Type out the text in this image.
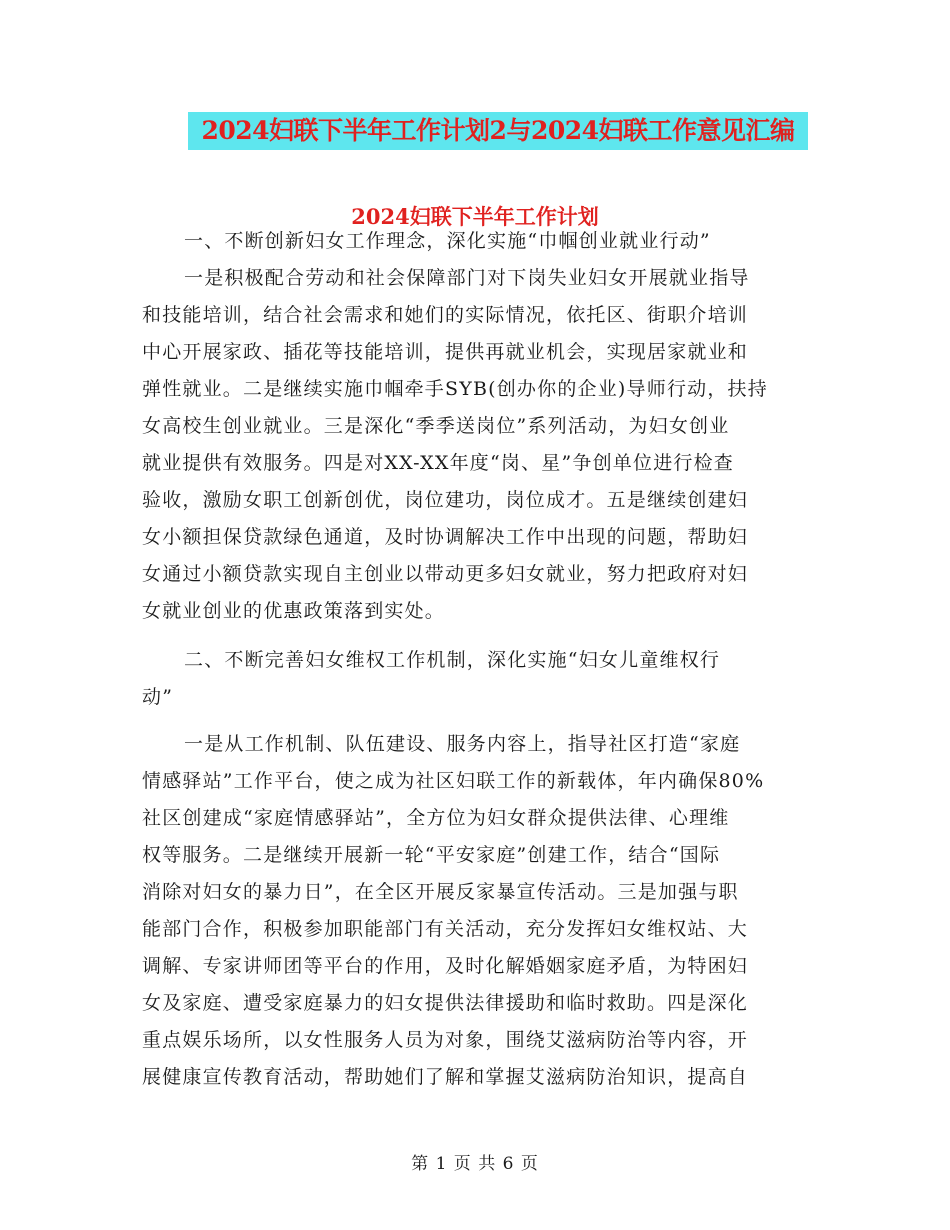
2024妇联下半年工作计划2与2024妇联工作意见汇编
2024妇联下半年工作计划
一、不断创新妇女工作理念，深化实施“巾帼创业就业行动”
一是积极配合劳动和社会保障部门对下岗失业妇女开展就业指导
和技能培训，结合社会需求和她们的实际情况，依托区、街职介培训
中心开展家政、插花等技能培训，提供再就业机会，实现居家就业和
弹性就业。二是继续实施巾帼牵手SYB(创办你的企业)导师行动，扶持
女高校生创业就业。三是深化“季季送岗位”系列活动，为妇女创业
就业提供有效服务。四是对XX-XX年度“岗、星”争创单位进行检查
验收，激励女职工创新创优，岗位建功，岗位成才。五是继续创建妇
女小额担保贷款绿色通道，及时协调解决工作中出现的问题，帮助妇
女通过小额贷款实现自主创业以带动更多妇女就业，努力把政府对妇
女就业创业的优惠政策落到实处。
二、不断完善妇女维权工作机制，深化实施“妇女儿童维权行
动”
一是从工作机制、队伍建设、服务内容上，指导社区打造“家庭
情感驿站”工作平台，使之成为社区妇联工作的新载体，年内确保80%
社区创建成“家庭情感驿站”，全方位为妇女群众提供法律、心理维
权等服务。二是继续开展新一轮“平安家庭”创建工作，结合“国际
消除对妇女的暴力日”，在全区开展反家暴宣传活动。三是加强与职
能部门合作，积极参加职能部门有关活动，充分发挥妇女维权站、大
调解、专家讲师团等平台的作用，及时化解婚姻家庭矛盾，为特困妇
女及家庭、遭受家庭暴力的妇女提供法律援助和临时救助。四是深化
重点娱乐场所，以女性服务人员为对象，围绕艾滋病防治等内容，开
展健康宣传教育活动，帮助她们了解和掌握艾滋病防治知识，提高自
第 1 页 共 6 页
